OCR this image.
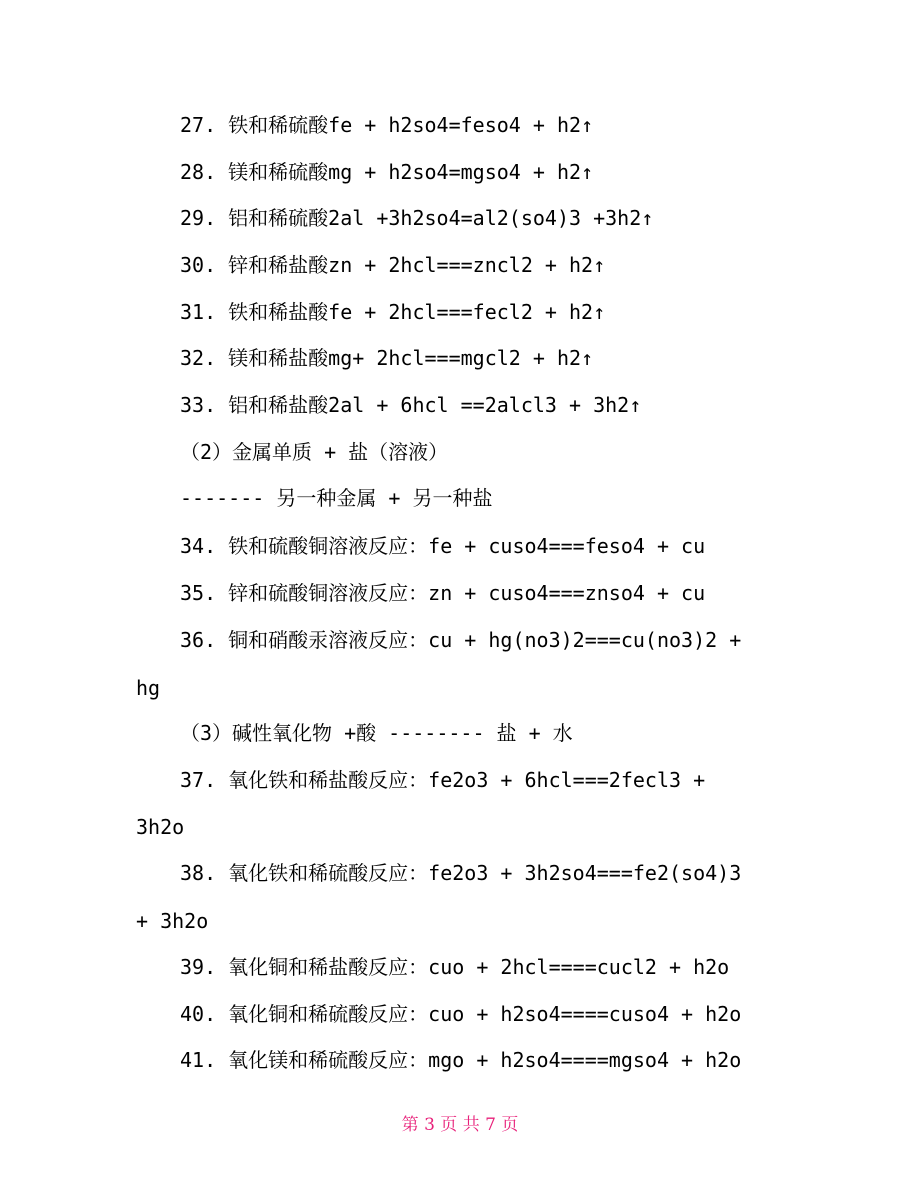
27. 铁和稀硫酸fe + h2so4=feso4 + h2↑
28. 镁和稀硫酸mg + h2so4=mgso4 + h2↑
29. 铝和稀硫酸2al +3h2so4=al2(so4)3 +3h2↑
30. 锌和稀盐酸zn + 2hcl===zncl2 + h2↑
31. 铁和稀盐酸fe + 2hcl===fecl2 + h2↑
32. 镁和稀盐酸mg+ 2hcl===mgcl2 + h2↑
33. 铝和稀盐酸2al + 6hcl ==2alcl3 + 3h2↑
（2）金属单质 + 盐（溶液）
------- 另一种金属 + 另一种盐
34. 铁和硫酸铜溶液反应：fe + cuso4===feso4 + cu
35. 锌和硫酸铜溶液反应：zn + cuso4===znso4 + cu
36. 铜和硝酸汞溶液反应：cu + hg(no3)2===cu(no3)2 +
hg
（3）碱性氧化物 +酸 -------- 盐 + 水
37. 氧化铁和稀盐酸反应：fe2o3 + 6hcl===2fecl3 +
3h2o
38. 氧化铁和稀硫酸反应：fe2o3 + 3h2so4===fe2(so4)3
+ 3h2o
39. 氧化铜和稀盐酸反应：cuo + 2hcl====cucl2 + h2o
40. 氧化铜和稀硫酸反应：cuo + h2so4====cuso4 + h2o
41. 氧化镁和稀硫酸反应：mgo + h2so4====mgso4 + h2o
第 3 页 共 7 页
